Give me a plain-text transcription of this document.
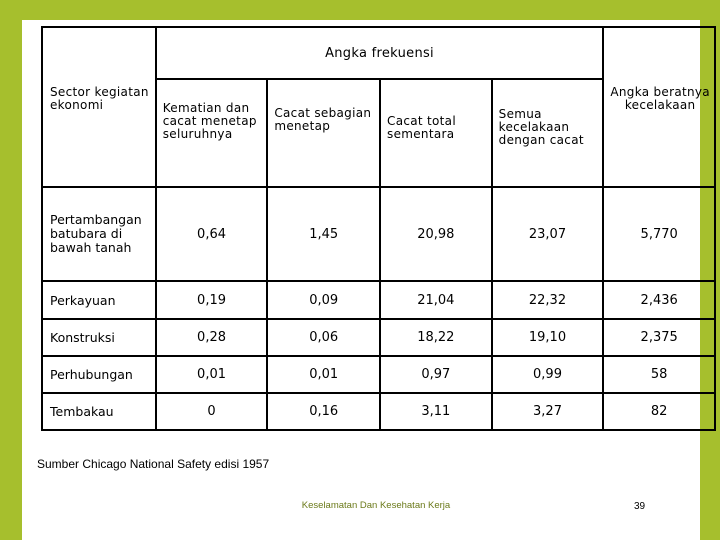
	Angka frekuensi				
Sector kegiatan ekonomi	Kematian dan cacat menetap seluruhnya	Cacat sebagian menetap	Cacat total sementara	Semua kecelakaan dengan cacat	Angka beratnya kecelakaan
Pertambangan batubara di bawah tanah	0,64	1,45	20,98	23,07	5,770
Perkayuan	0,19	0,09	21,04	22,32	2,436
Konstruksi	0,28	0,06	18,22	19,10	2,375
Perhubungan	0,01	0,01	0,97	0,99	58
Tembakau	0	0,16	3,11	3,27	82
Sumber Chicago National Safety edisi 1957
Keselamatan Dan Kesehatan Kerja	39
